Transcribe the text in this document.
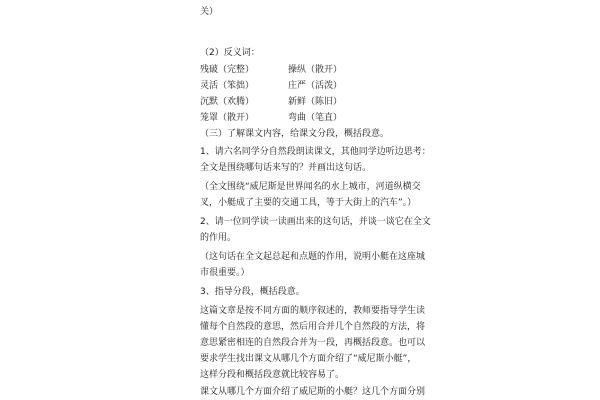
关）
（2）反义词：
残破（完整）	操纵（散开）
灵活（笨拙）	庄严（活泼）
沉默（欢腾）	新鲜（陈旧）
笼罩（散开）	弯曲（笔直）
（三）了解课文内容，给课文分段，概括段意。
1、请六名同学分自然段朗读课文，其他同学边听边思考：
全文是围绕哪句话来写的？并画出这句话。
（全文围绕“威尼斯是世界闻名的水上城市，河道纵横交
叉，小艇成了主要的交通工具，等于大街上的汽车”。）
2、请一位同学读一读画出来的这句话，并谈一谈它在全文
的作用。
（这句话在全文起总起和点题的作用，说明小艇在这座城
市很重要。）
3、指导分段，概括段意。
这篇文章是按不同方面的顺序叙述的，教师要指导学生读
懂每个自然段的意思，然后用合并几个自然段的方法，将
意思紧密相连的自然段合并为一段，再概括段意。也可以
要求学生找出课文从哪几个方面介绍了“威尼斯小艇”，
这样分段和概括段意就比较容易了。
课文从哪几个方面介绍了威尼斯的小艇？这几个方面分别
